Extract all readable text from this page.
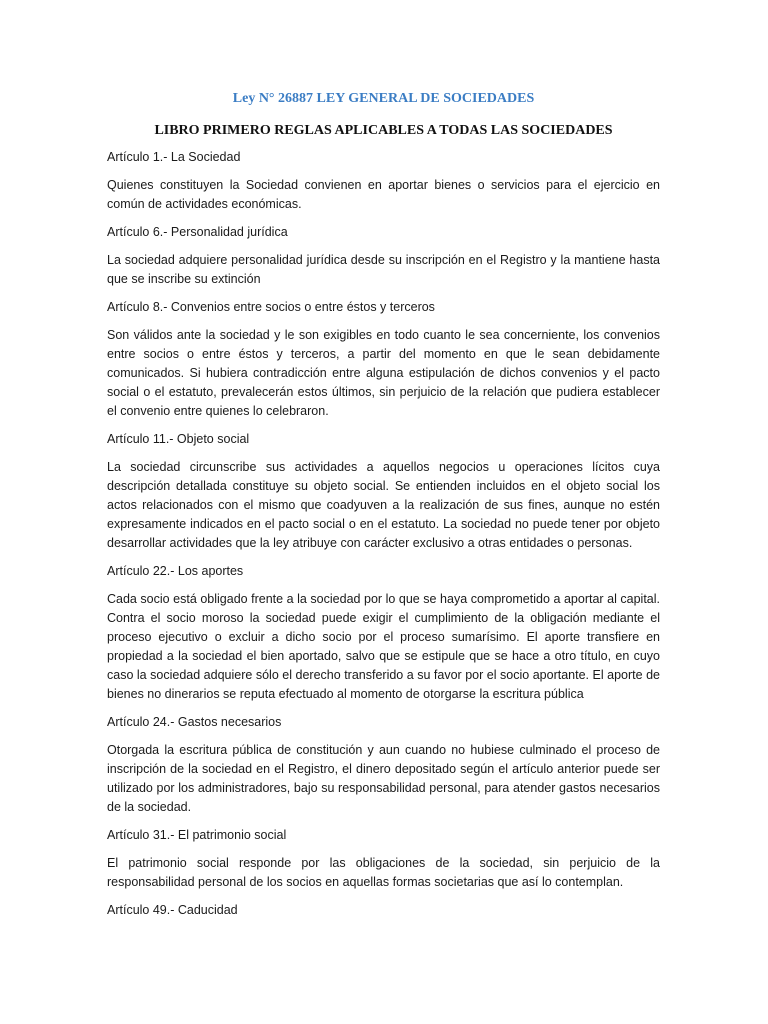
Ley N° 26887 LEY GENERAL DE SOCIEDADES
LIBRO PRIMERO REGLAS APLICABLES A TODAS LAS SOCIEDADES
Artículo 1.- La Sociedad
Quienes constituyen la Sociedad convienen en aportar bienes o servicios para el ejercicio en común de actividades económicas.
Artículo 6.- Personalidad jurídica
La sociedad adquiere personalidad jurídica desde su inscripción en el Registro y la mantiene hasta que se inscribe su extinción
Artículo 8.- Convenios entre socios o entre éstos y terceros
Son válidos ante la sociedad y le son exigibles en todo cuanto le sea concerniente, los convenios entre socios o entre éstos y terceros, a partir del momento en que le sean debidamente comunicados. Si hubiera contradicción entre alguna estipulación de dichos convenios y el pacto social o el estatuto, prevalecerán estos últimos, sin perjuicio de la relación que pudiera establecer el convenio entre quienes lo celebraron.
Artículo 11.- Objeto social
La sociedad circunscribe sus actividades a aquellos negocios u operaciones lícitos cuya descripción detallada constituye su objeto social. Se entienden incluidos en el objeto social los actos relacionados con el mismo que coadyuven a la realización de sus fines, aunque no estén expresamente indicados en el pacto social o en el estatuto. La sociedad no puede tener por objeto desarrollar actividades que la ley atribuye con carácter exclusivo a otras entidades o personas.
Artículo 22.- Los aportes
Cada socio está obligado frente a la sociedad por lo que se haya comprometido a aportar al capital. Contra el socio moroso la sociedad puede exigir el cumplimiento de la obligación mediante el proceso ejecutivo o excluir a dicho socio por el proceso sumarísimo. El aporte transfiere en propiedad a la sociedad el bien aportado, salvo que se estipule que se hace a otro título, en cuyo caso la sociedad adquiere sólo el derecho transferido a su favor por el socio aportante. El aporte de bienes no dinerarios se reputa efectuado al momento de otorgarse la escritura pública
Artículo 24.- Gastos necesarios
Otorgada la escritura pública de constitución y aun cuando no hubiese culminado el proceso de inscripción de la sociedad en el Registro, el dinero depositado según el artículo anterior puede ser utilizado por los administradores, bajo su responsabilidad personal, para atender gastos necesarios de la sociedad.
Artículo 31.- El patrimonio social
El patrimonio social responde por las obligaciones de la sociedad, sin perjuicio de la responsabilidad personal de los socios en aquellas formas societarias que así lo contemplan.
Artículo 49.- Caducidad
